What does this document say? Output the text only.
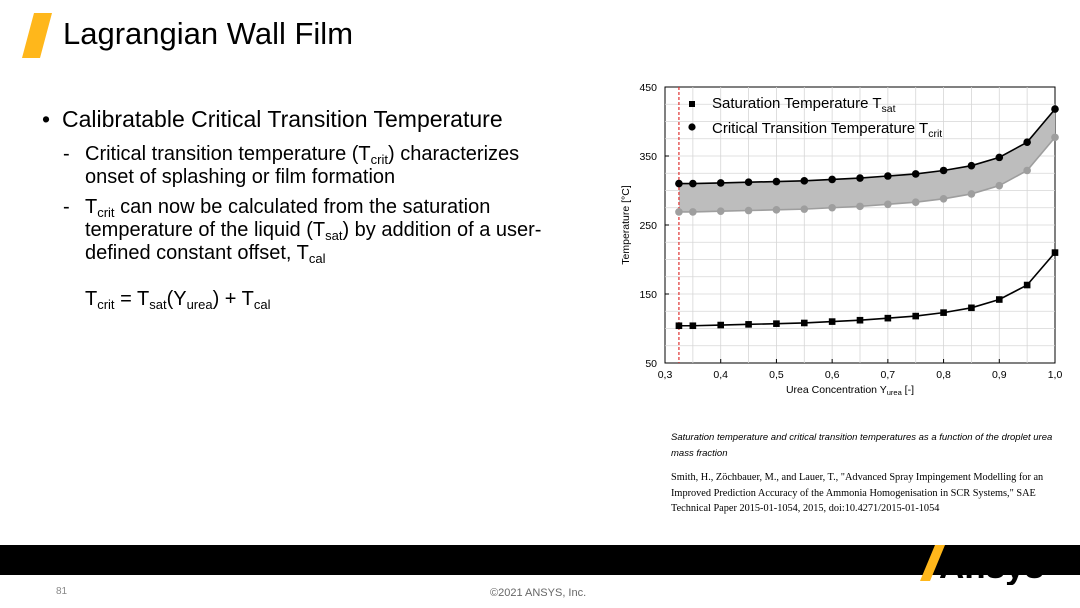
Lagrangian Wall Film
• Calibratable Critical Transition Temperature
- Critical transition temperature $(T_{crit})$ characterizes
onset of splashing or film formation
- $T_{crit}$ can now be calculated from the saturation
temperature of the liquid $(T_{sat})$ by addition of a user-
defined constant offset, $T_{cal}$
$T_{crit} = T_{sat}(Y_{urea}) + T_{cal}$
0,3	0,4	0,5	0,6	0,7	0,8	0,9	1,0
50
150
250
350
450
Urea Concentration Yurea [-]
Temperature [°C]
Saturation Temperature $T_{sat}$
Critical Transition Temperature $T_{crit}$
Saturation temperature and critical transition temperatures as a function of the droplet urea mass fraction
Smith, H., Zöchbauer, M., and Lauer, T., "Advanced Spray Impingement Modelling for an Improved Prediction Accuracy of the Ammonia Homogenisation in SCR Systems," SAE Technical Paper 2015-01-1054, 2015, doi:10.4271/2015-01-1054
Ansys
81	©2021 ANSYS, Inc.
